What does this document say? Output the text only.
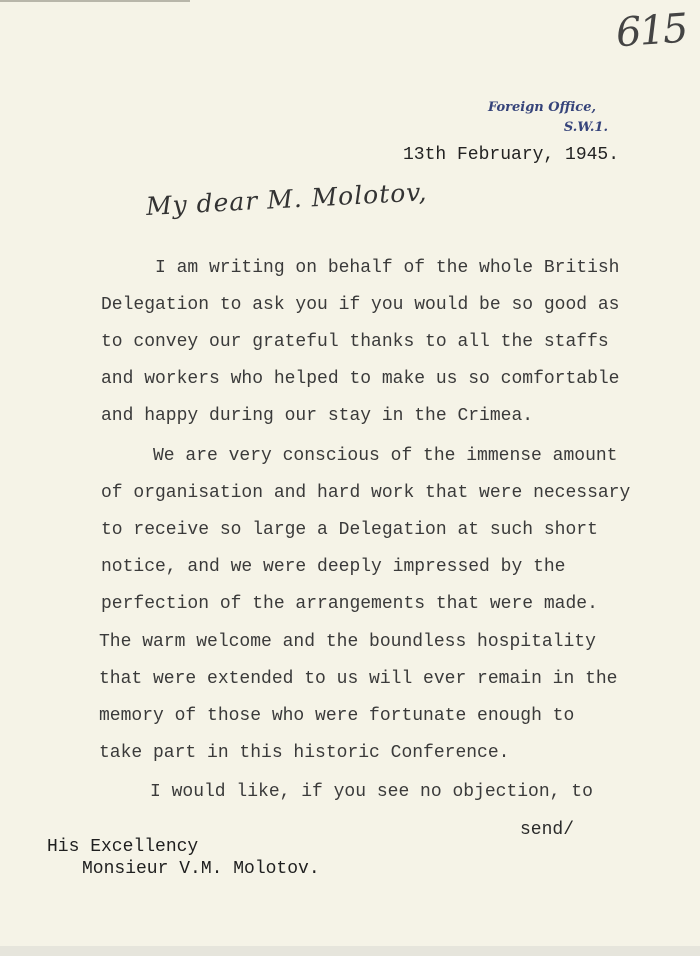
615
Foreign Office,
S.W.1.
13th February, 1945.
My dear M. Molotov,
I am writing on behalf of the whole British
Delegation to ask you if you would be so good as
to convey our grateful thanks to all the staffs
and workers who helped to make us so comfortable
and happy during our stay in the Crimea.
We are very conscious of the immense amount
of organisation and hard work that were necessary
to receive so large a Delegation at such short
notice, and we were deeply impressed by the
perfection of the arrangements that were made.
The warm welcome and the boundless hospitality
that were extended to us will ever remain in the
memory of those who were fortunate enough to
take part in this historic Conference.
I would like, if you see no objection, to
send/
His Excellency
Monsieur V.M. Molotov.
